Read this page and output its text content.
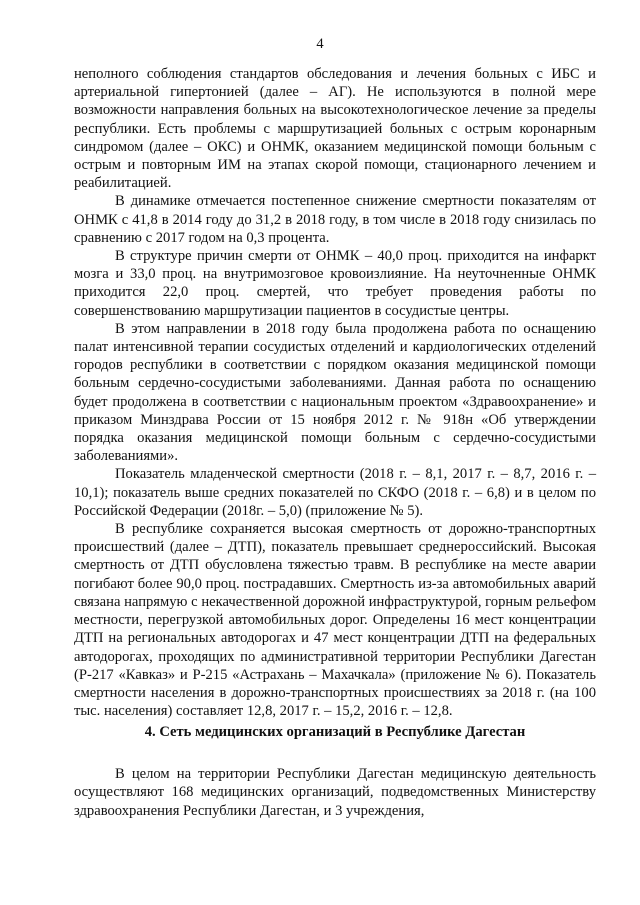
4

неполного соблюдения стандартов обследования и лечения больных с ИБС и артериальной гипертонией (далее – АГ). Не используются в полной мере возможности направления больных на высокотехнологическое лечение за пределы республики. Есть проблемы с маршрутизацией больных с острым коронарным синдромом (далее – ОКС) и ОНМК, оказанием медицинской помощи больным с острым и повторным ИМ на этапах скорой помощи, стационарного лечением и реабилитацией.

В динамике отмечается постепенное снижение смертности показателям от ОНМК с 41,8 в 2014 году до 31,2 в 2018 году, в том числе в 2018 году снизилась по сравнению с 2017 годом на 0,3 процента.

В структуре причин смерти от ОНМК – 40,0 проц. приходится на инфаркт мозга и 33,0 проц. на внутримозговое кровоизлияние. На неуточненные ОНМК приходится 22,0 проц. смертей, что требует проведения работы по совершенствованию маршрутизации пациентов в сосудистые центры.

В этом направлении в 2018 году была продолжена работа по оснащению палат интенсивной терапии сосудистых отделений и кардиологических отделений городов республики в соответствии с порядком оказания медицинской помощи больным сердечно-сосудистыми заболеваниями. Данная работа по оснащению будет продолжена в соответствии с национальным проектом «Здравоохранение» и приказом Минздрава России от 15 ноября 2012 г. № 918н «Об утверждении порядка оказания медицинской помощи больным с сердечно-сосудистыми заболеваниями».

Показатель младенческой смертности (2018 г. – 8,1, 2017 г. – 8,7, 2016 г. – 10,1); показатель выше средних показателей по СКФО (2018 г. – 6,8) и в целом по Российской Федерации (2018г. – 5,0) (приложение № 5).

В республике сохраняется высокая смертность от дорожно-транспортных происшествий (далее – ДТП), показатель превышает среднероссийский. Высокая смертность от ДТП обусловлена тяжестью травм. В республике на месте аварии погибают более 90,0 проц. пострадавших. Смертность из-за автомобильных аварий связана напрямую с некачественной дорожной инфраструктурой, горным рельефом местности, перегрузкой автомобильных дорог. Определены 16 мест концентрации ДТП на региональных автодорогах и 47 мест концентрации ДТП на федеральных автодорогах, проходящих по административной территории Республики Дагестан (Р-217 «Кавказ» и Р-215 «Астрахань – Махачкала» (приложение № 6). Показатель смертности населения в дорожно-транспортных происшествиях за 2018 г. (на 100 тыс. населения) составляет 12,8, 2017 г. – 15,2, 2016 г. – 12,8.

4. Сеть медицинских организаций в Республике Дагестан

В целом на территории Республики Дагестан медицинскую деятельность осуществляют 168 медицинских организаций, подведомственных Министерству здравоохранения Республики Дагестан, и 3 учреждения,
